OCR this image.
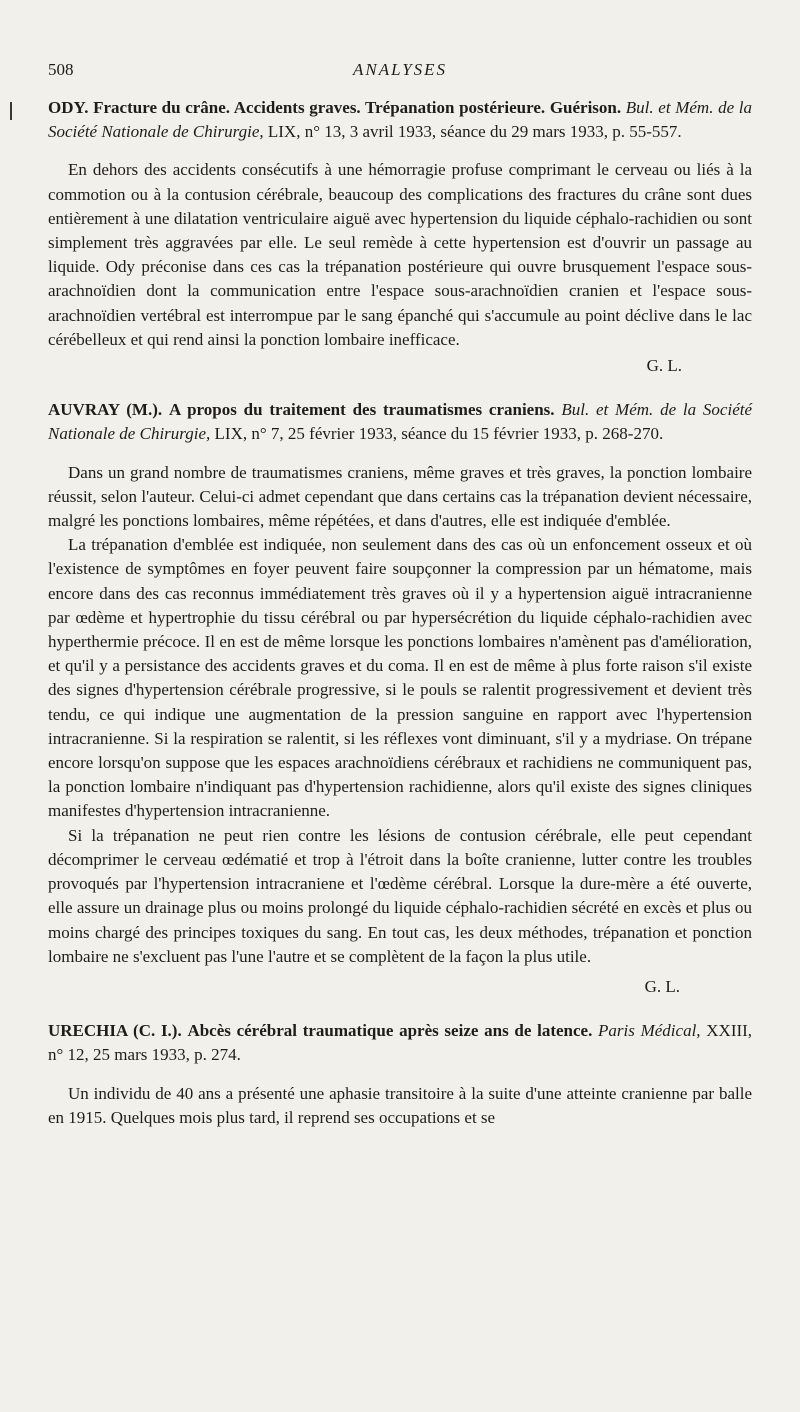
508	ANALYSES

ODY. Fracture du crâne. Accidents graves. Trépanation postérieure. Guérison. Bul. et Mém. de la Société Nationale de Chirurgie, LIX, n° 13, 3 avril 1933, séance du 29 mars 1933, p. 55-557.

En dehors des accidents consécutifs à une hémorragie profuse comprimant le cerveau ou liés à la commotion ou à la contusion cérébrale, beaucoup des complications des fractures du crâne sont dues entièrement à une dilatation ventriculaire aiguë avec hypertension du liquide céphalo-rachidien ou sont simplement très aggravées par elle. Le seul remède à cette hypertension est d'ouvrir un passage au liquide. Ody préconise dans ces cas la trépanation postérieure qui ouvre brusquement l'espace sous-arachnoïdien dont la communication entre l'espace sous-arachnoïdien cranien et l'espace sous-arachnoïdien vertébral est interrompue par le sang épanché qui s'accumule au point déclive dans le lac cérébelleux et qui rend ainsi la ponction lombaire inefficace.

G. L.

AUVRAY (M.). A propos du traitement des traumatismes craniens. Bul. et Mém. de la Société Nationale de Chirurgie, LIX, n° 7, 25 février 1933, séance du 15 février 1933, p. 268-270.

Dans un grand nombre de traumatismes craniens, même graves et très graves, la ponction lombaire réussit, selon l'auteur. Celui-ci admet cependant que dans certains cas la trépanation devient nécessaire, malgré les ponctions lombaires, même répétées, et dans d'autres, elle est indiquée d'emblée.

La trépanation d'emblée est indiquée, non seulement dans des cas où un enfoncement osseux et où l'existence de symptômes en foyer peuvent faire soupçonner la compression par un hématome, mais encore dans des cas reconnus immédiatement très graves où il y a hypertension aiguë intracranienne par œdème et hypertrophie du tissu cérébral ou par hypersécrétion du liquide céphalo-rachidien avec hyperthermie précoce. Il en est de même lorsque les ponctions lombaires n'amènent pas d'amélioration, et qu'il y a persistance des accidents graves et du coma. Il en est de même à plus forte raison s'il existe des signes d'hypertension cérébrale progressive, si le pouls se ralentit progressivement et devient très tendu, ce qui indique une augmentation de la pression sanguine en rapport avec l'hypertension intracranienne. Si la respiration se ralentit, si les réflexes vont diminuant, s'il y a mydriase. On trépane encore lorsqu'on suppose que les espaces arachnoïdiens cérébraux et rachidiens ne communiquent pas, la ponction lombaire n'indiquant pas d'hypertension rachidienne, alors qu'il existe des signes cliniques manifestes d'hypertension intracranienne.

Si la trépanation ne peut rien contre les lésions de contusion cérébrale, elle peut cependant décomprimer le cerveau œdématié et trop à l'étroit dans la boîte cranienne, lutter contre les troubles provoqués par l'hypertension intracraniene et l'œdème cérébral. Lorsque la dure-mère a été ouverte, elle assure un drainage plus ou moins prolongé du liquide céphalo-rachidien sécrété en excès et plus ou moins chargé des principes toxiques du sang. En tout cas, les deux méthodes, trépanation et ponction lombaire ne s'excluent pas l'une l'autre et se complètent de la façon la plus utile.

G. L.

URECHIA (C. I.). Abcès cérébral traumatique après seize ans de latence. Paris Médical, XXIII, n° 12, 25 mars 1933, p. 274.

Un individu de 40 ans a présenté une aphasie transitoire à la suite d'une atteinte cranienne par balle en 1915. Quelques mois plus tard, il reprend ses occupations et se
